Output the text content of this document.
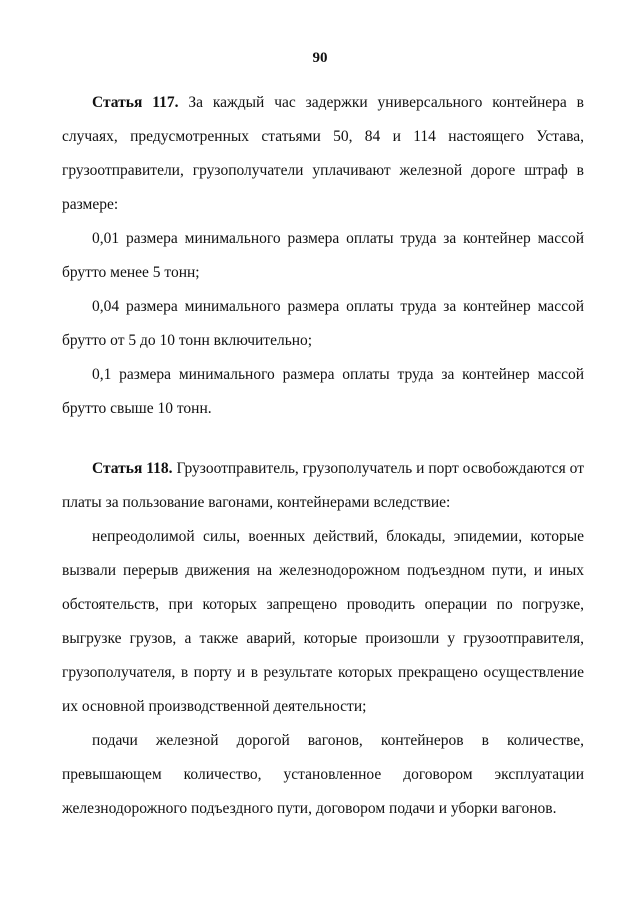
90

Статья 117. За каждый час задержки универсального контейнера в случаях, предусмотренных статьями 50, 84 и 114 настоящего Устава, грузоотправители, грузополучатели уплачивают железной дороге штраф в размере:

0,01 размера минимального размера оплаты труда за контейнер массой брутто менее 5 тонн;

0,04 размера минимального размера оплаты труда за контейнер массой брутто от 5 до 10 тонн включительно;

0,1 размера минимального размера оплаты труда за контейнер массой брутто свыше 10 тонн.

Статья 118. Грузоотправитель, грузополучатель и порт освобождаются от платы за пользование вагонами, контейнерами вследствие:

непреодолимой силы, военных действий, блокады, эпидемии, которые вызвали перерыв движения на железнодорожном подъездном пути, и иных обстоятельств, при которых запрещено проводить операции по погрузке, выгрузке грузов, а также аварий, которые произошли у грузоотправителя, грузополучателя, в порту и в результате которых прекращено осуществление их основной производственной деятельности;

подачи железной дорогой вагонов, контейнеров в количестве, превышающем количество, установленное договором эксплуатации железнодорожного подъездного пути, договором подачи и уборки вагонов.
